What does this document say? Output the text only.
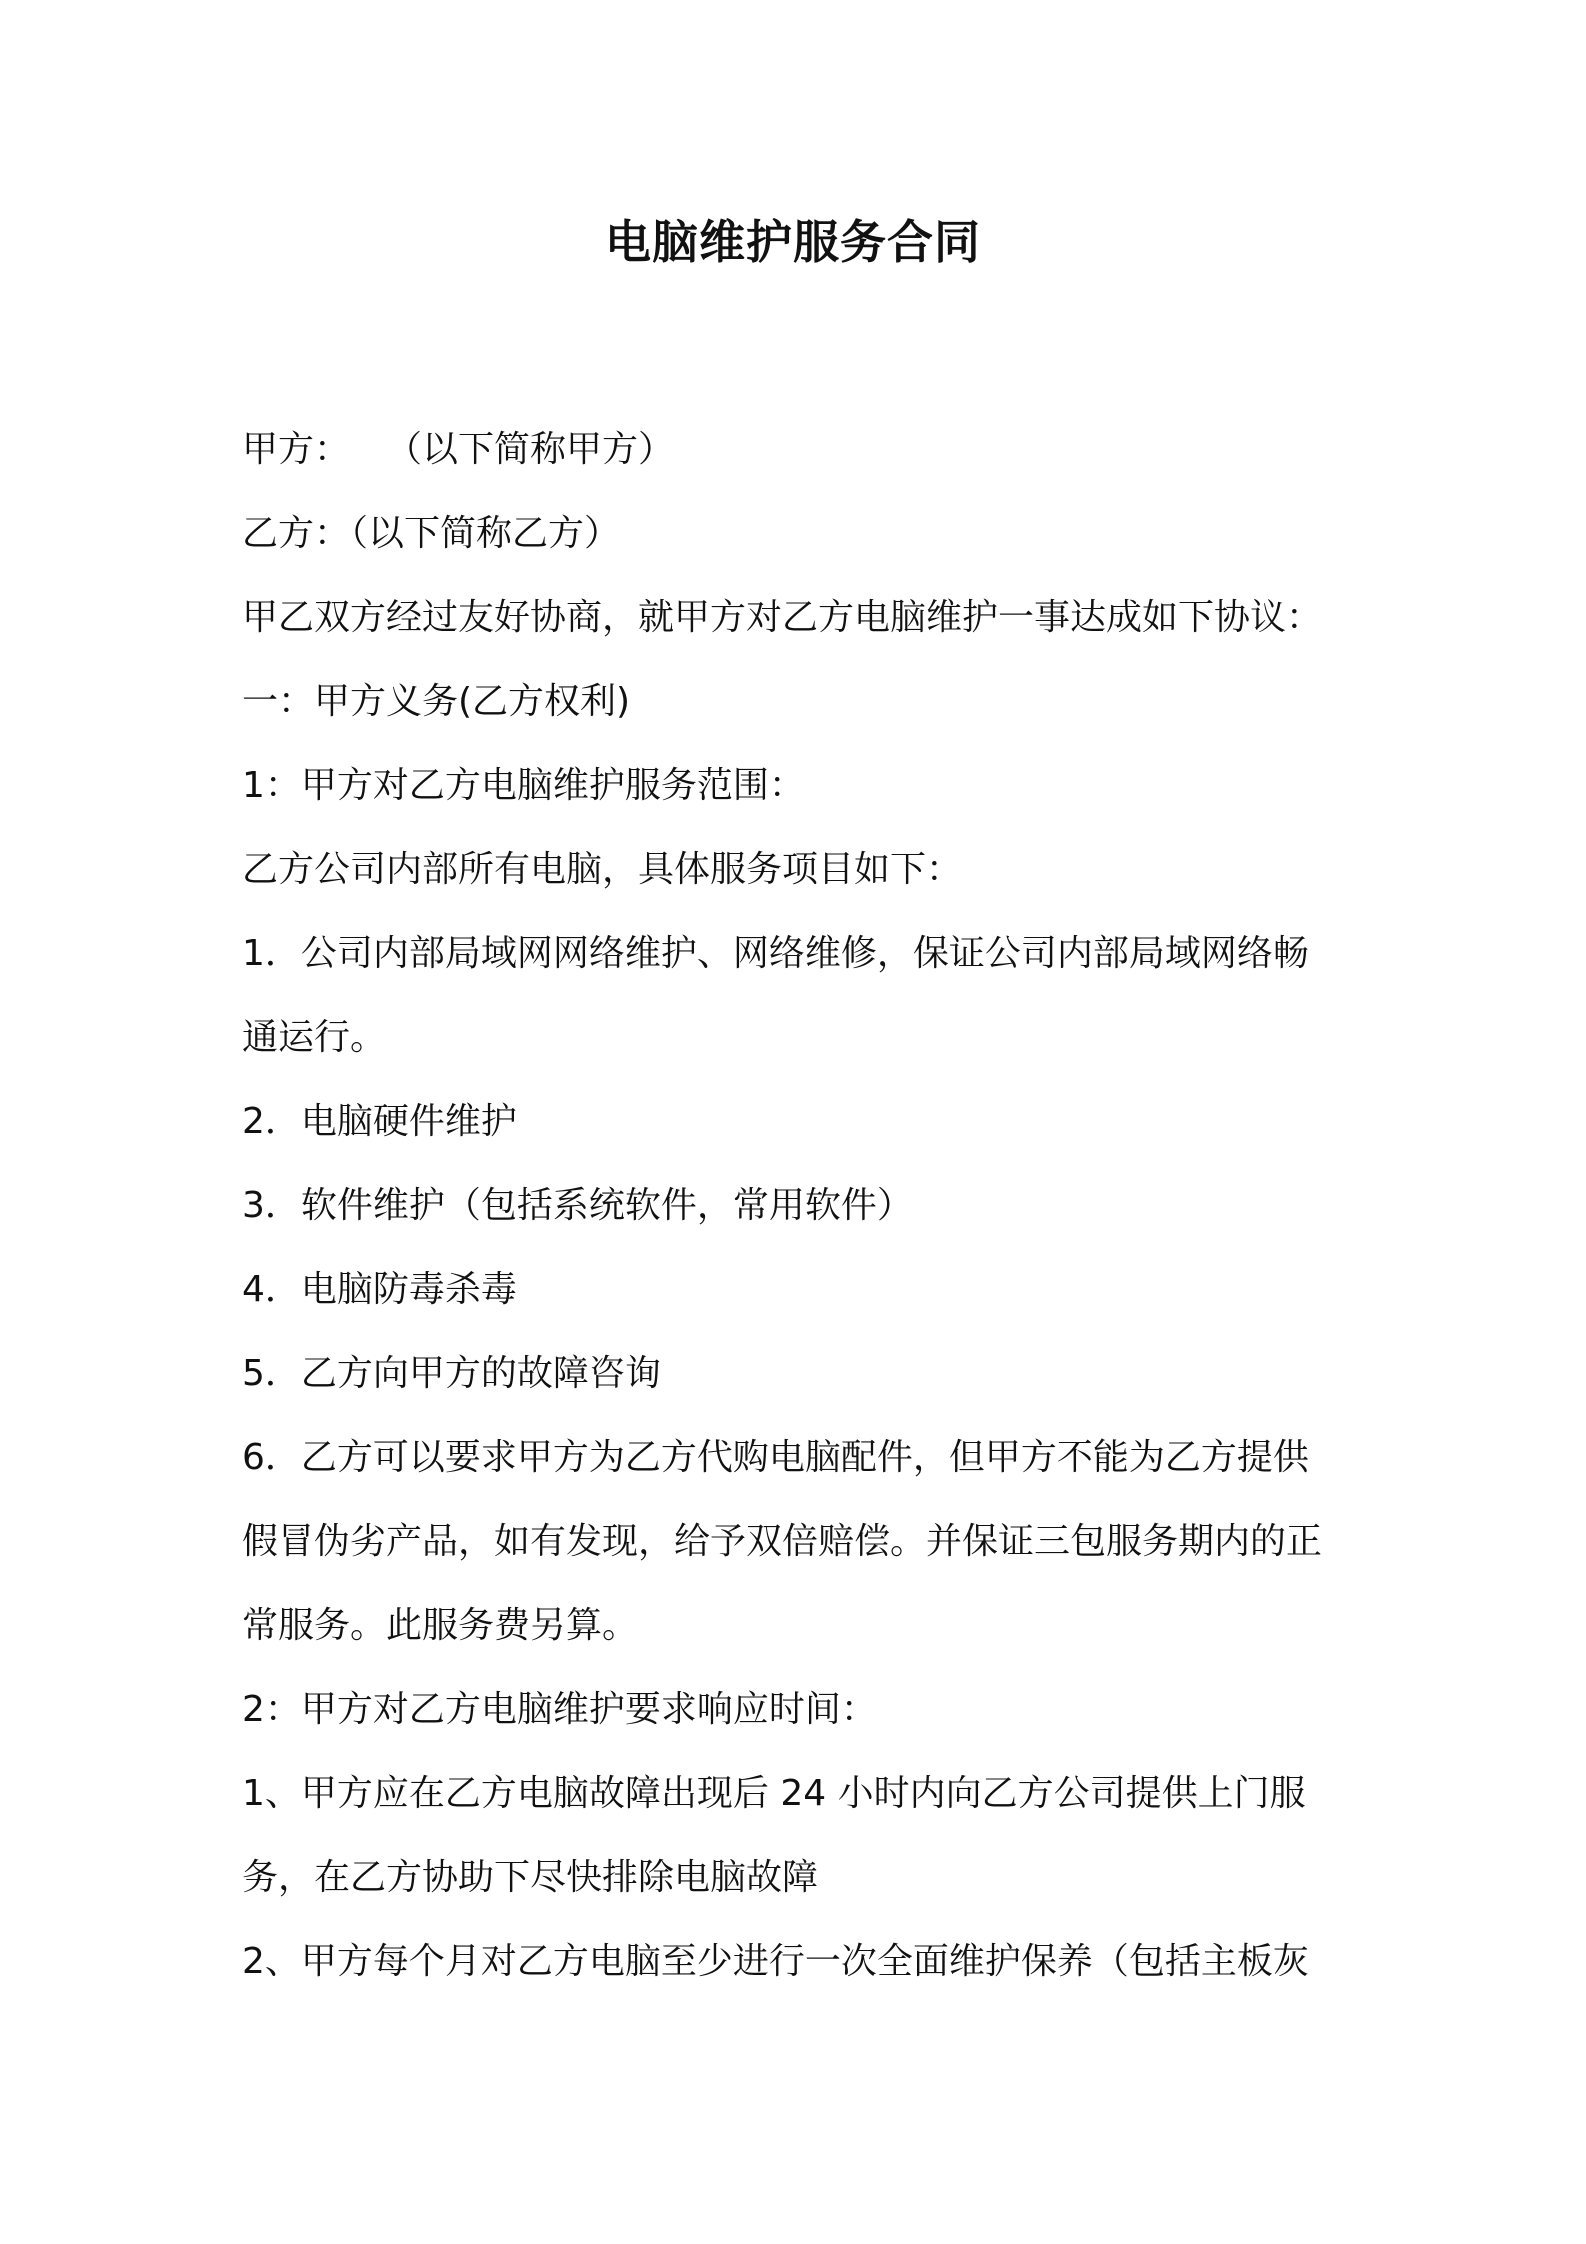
电脑维护服务合同
甲方：　　（以下简称甲方）
乙方：（以下简称乙方）
甲乙双方经过友好协商，就甲方对乙方电脑维护一事达成如下协议：
一：甲方义务(乙方权利)
1：甲方对乙方电脑维护服务范围：
乙方公司内部所有电脑，具体服务项目如下：
1．公司内部局域网网络维护、网络维修，保证公司内部局域网络畅
通运行。
2．电脑硬件维护
3．软件维护（包括系统软件，常用软件）
4．电脑防毒杀毒
5．乙方向甲方的故障咨询
6．乙方可以要求甲方为乙方代购电脑配件，但甲方不能为乙方提供
假冒伪劣产品，如有发现，给予双倍赔偿。并保证三包服务期内的正
常服务。此服务费另算。
2：甲方对乙方电脑维护要求响应时间：
1、甲方应在乙方电脑故障出现后 24 小时内向乙方公司提供上门服
务，在乙方协助下尽快排除电脑故障
2、甲方每个月对乙方电脑至少进行一次全面维护保养（包括主板灰
